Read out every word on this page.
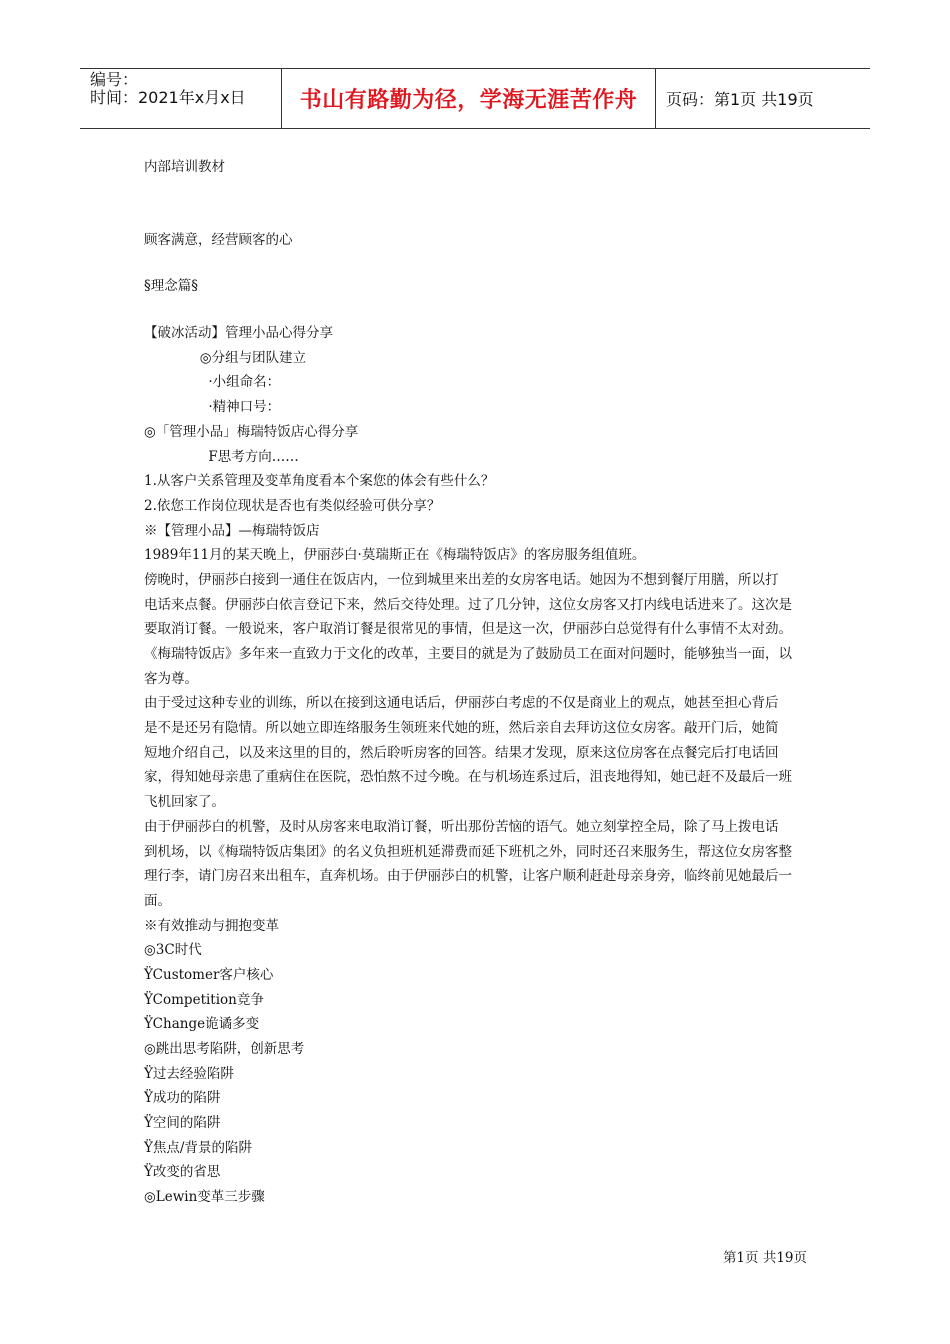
编号：
时间：2021年x月x日	书山有路勤为径，学海无涯苦作舟	页码：第1页 共19页
内部培训教材
顾客满意，经营顾客的心
§理念篇§
【破冰活动】管理小品心得分享
◎分组与团队建立
·小组命名：
·精神口号：
◎「管理小品」梅瑞特饭店心得分享
F思考方向……
1.从客户关系管理及变革角度看本个案您的体会有些什么？
2.依您工作岗位现状是否也有类似经验可供分享？
※【管理小品】—梅瑞特饭店
1989年11月的某天晚上，伊丽莎白·莫瑞斯正在《梅瑞特饭店》的客房服务组值班。
傍晚时，伊丽莎白接到一通住在饭店内，一位到城里来出差的女房客电话。她因为不想到餐厅用膳，所以打
电话来点餐。伊丽莎白依言登记下来，然后交待处理。过了几分钟，这位女房客又打内线电话进来了。这次是
要取消订餐。一般说来，客户取消订餐是很常见的事情，但是这一次，伊丽莎白总觉得有什么事情不太对劲。
《梅瑞特饭店》多年来一直致力于文化的改革，主要目的就是为了鼓励员工在面对问题时，能够独当一面，以
客为尊。
由于受过这种专业的训练，所以在接到这通电话后，伊丽莎白考虑的不仅是商业上的观点，她甚至担心背后
是不是还另有隐情。所以她立即连络服务生领班来代她的班，然后亲自去拜访这位女房客。敲开门后，她简
短地介绍自己，以及来这里的目的，然后聆听房客的回答。结果才发现，原来这位房客在点餐完后打电话回
家，得知她母亲患了重病住在医院，恐怕熬不过今晚。在与机场连系过后，沮丧地得知，她已赶不及最后一班
飞机回家了。
由于伊丽莎白的机警，及时从房客来电取消订餐，听出那份苦恼的语气。她立刻掌控全局，除了马上拨电话
到机场，以《梅瑞特饭店集团》的名义负担班机延滞费而延下班机之外，同时还召来服务生，帮这位女房客整
理行李，请门房召来出租车，直奔机场。由于伊丽莎白的机警，让客户顺利赶赴母亲身旁，临终前见她最后一
面。
※有效推动与拥抱变革
◎3C时代
ŸCustomer客户核心
ŸCompetition竞争
ŸChange诡谲多变
◎跳出思考陷阱，创新思考
Ÿ过去经验陷阱
Ÿ成功的陷阱
Ÿ空间的陷阱
Ÿ焦点/背景的陷阱
Ÿ改变的省思
◎Lewin变革三步骤
第1页 共19页
